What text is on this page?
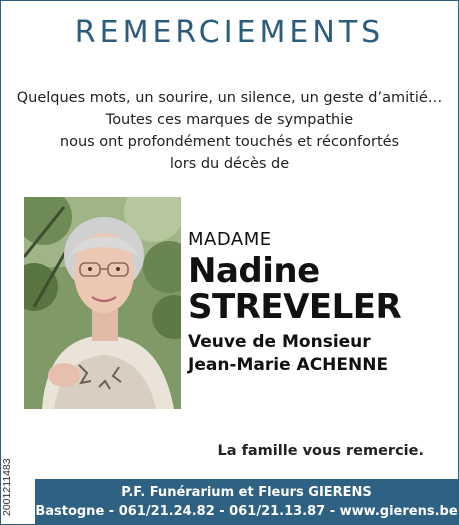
REMERCIEMENTS
Quelques mots, un sourire, un silence, un geste d’amitié…
Toutes ces marques de sympathie
nous ont profondément touchés et réconfortés
lors du décès de
MADAME
Nadine
STREVELER
Veuve de Monsieur
Jean-Marie ACHENNE
La famille vous remercie.
2001211483	P.F. Funérarium et Fleurs GIERENS
Bastogne - 061/21.24.82 - 061/21.13.87 - www.gierens.be
